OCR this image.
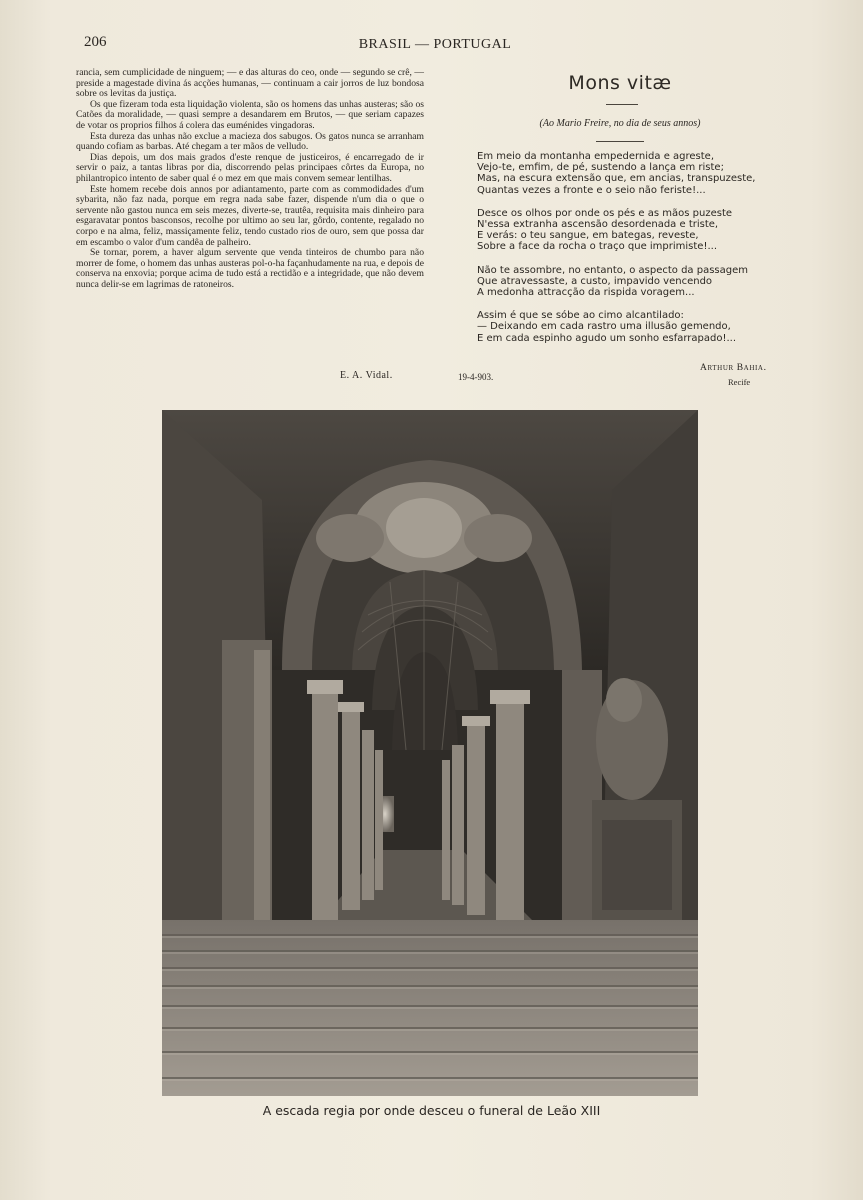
206	BRASIL — PORTUGAL

rancia, sem cumplicidade de ninguem; — e das alturas do ceo, onde — segundo se crê, — preside a magestade divina ás acções humanas, — continuam a cair jorros de luz bondosa sobre os levitas da justiça.

Os que fizeram toda esta liquidação violenta, são os homens das unhas austeras; são os Catões da moralidade, — quasi sempre a desandarem em Brutos, — que seriam capazes de votar os proprios filhos á colera das euménides vingadoras.

Esta dureza das unhas não exclue a macieza dos sabugos. Os gatos nunca se arranham quando cofiam as barbas. Até chegam a ter mãos de velludo.

Dias depois, um dos mais grados d'este renque de justiceiros, é encarregado de ir servir o paiz, a tantas libras por dia, discorrendo pelas principaes côrtes da Europa, no philantropico intento de saber qual é o mez em que mais convem semear lentilhas.

Este homem recebe dois annos por adiantamento, parte com as commodidades d'um sybarita, não faz nada, porque em regra nada sabe fazer, dispende n'um dia o que o servente não gastou nunca em seis mezes, diverte-se, trautêa, requisita mais dinheiro para esgaravatar pontos basconsos, recolhe por ultimo ao seu lar, gôrdo, contente, regalado no corpo e na alma, feliz, massiçamente feliz, tendo custado rios de ouro, sem que possa dar em escambo o valor d'um candêa de palheiro.

Se tornar, porem, a haver algum servente que venda tinteiros de chumbo para não morrer de fome, o homem das unhas austeras pol-o-ha façanhudamente na rua, e depois de conserva na enxovia; porque acima de tudo está a rectidão e a integridade, que não devem nunca delir-se em lagrimas de ratoneiros.

E. A. Vidal.	19-4-903.
Mons vitæ
(Ao Mario Freire, no dia de seus annos)
Em meio da montanha empedernida e agreste,
Vejo-te, emfim, de pé, sustendo a lança em riste;
Mas, na escura extensão que, em ancias, transpuzeste,
Quantas vezes a fronte e o seio não feriste!...
Desce os olhos por onde os pés e as mãos puzeste
N'essa extranha ascensão desordenada e triste,
E verás: o teu sangue, em bategas, reveste,
Sobre a face da rocha o traço que imprimiste!...
Não te assombre, no entanto, o aspecto da passagem
Que atravessaste, a custo, impavido vencendo
A medonha attracção da rispida voragem...
Assim é que se sóbe ao cimo alcantilado:
— Deixando em cada rastro uma illusão gemendo,
E em cada espinho agudo um sonho esfarrapado!...
Arthur Bahia.
Recife
A escada regia por onde desceu o funeral de Leão XIII
